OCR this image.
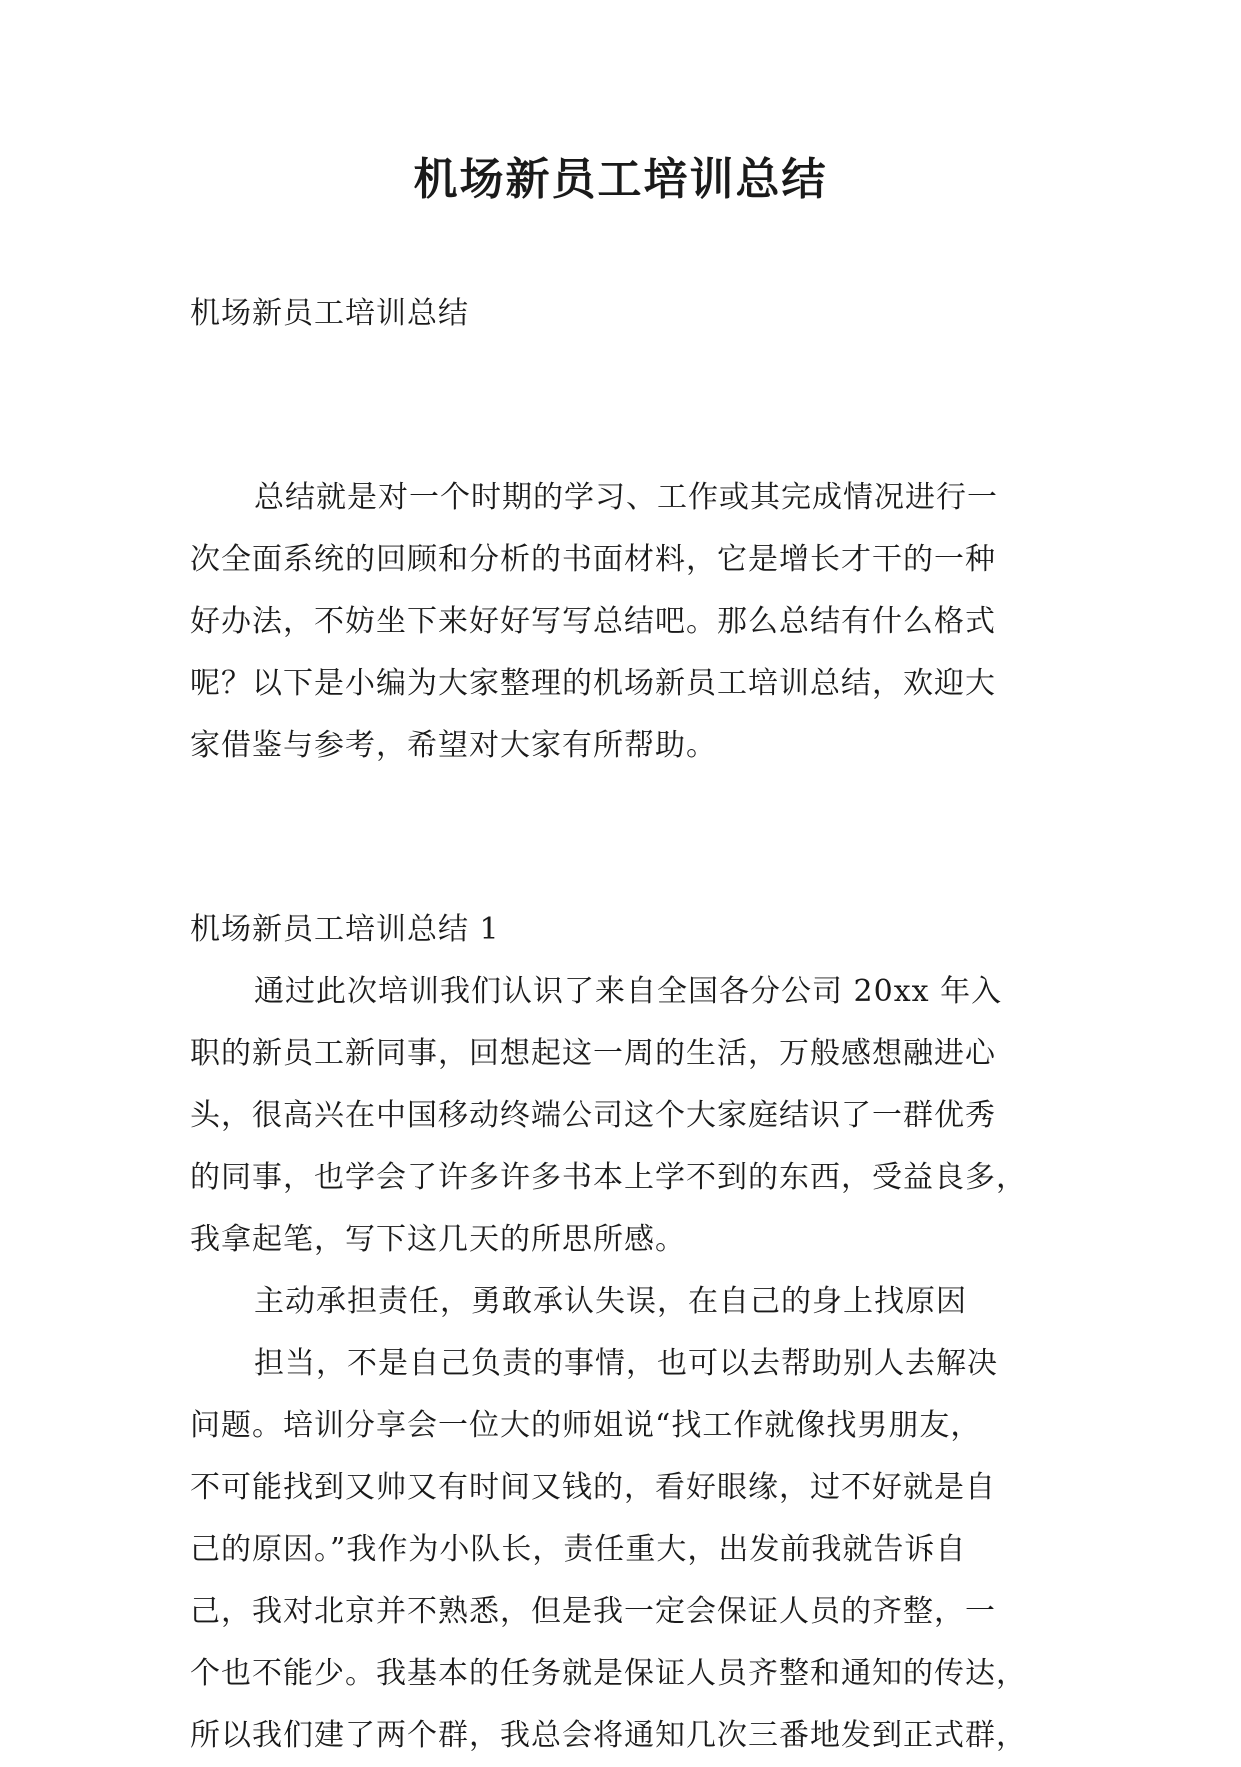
机场新员工培训总结

机场新员工培训总结

总结就是对一个时期的学习、工作或其完成情况进行一

次全面系统的回顾和分析的书面材料，它是增长才干的一种

好办法，不妨坐下来好好写写总结吧。那么总结有什么格式

呢？以下是小编为大家整理的机场新员工培训总结，欢迎大

家借鉴与参考，希望对大家有所帮助。

机场新员工培训总结 1

通过此次培训我们认识了来自全国各分公司 20xx 年入

职的新员工新同事，回想起这一周的生活，万般感想融进心

头，很高兴在中国移动终端公司这个大家庭结识了一群优秀

的同事，也学会了许多许多书本上学不到的东西，受益良多，

我拿起笔，写下这几天的所思所感。

主动承担责任，勇敢承认失误，在自己的身上找原因

担当，不是自己负责的事情，也可以去帮助别人去解决

问题。培训分享会一位大的师姐说“找工作就像找男朋友，

不可能找到又帅又有时间又钱的，看好眼缘，过不好就是自

己的原因。”我作为小队长，责任重大，出发前我就告诉自

己，我对北京并不熟悉，但是我一定会保证人员的齐整，一

个也不能少。我基本的任务就是保证人员齐整和通知的传达，

所以我们建了两个群，我总会将通知几次三番地发到正式群，
